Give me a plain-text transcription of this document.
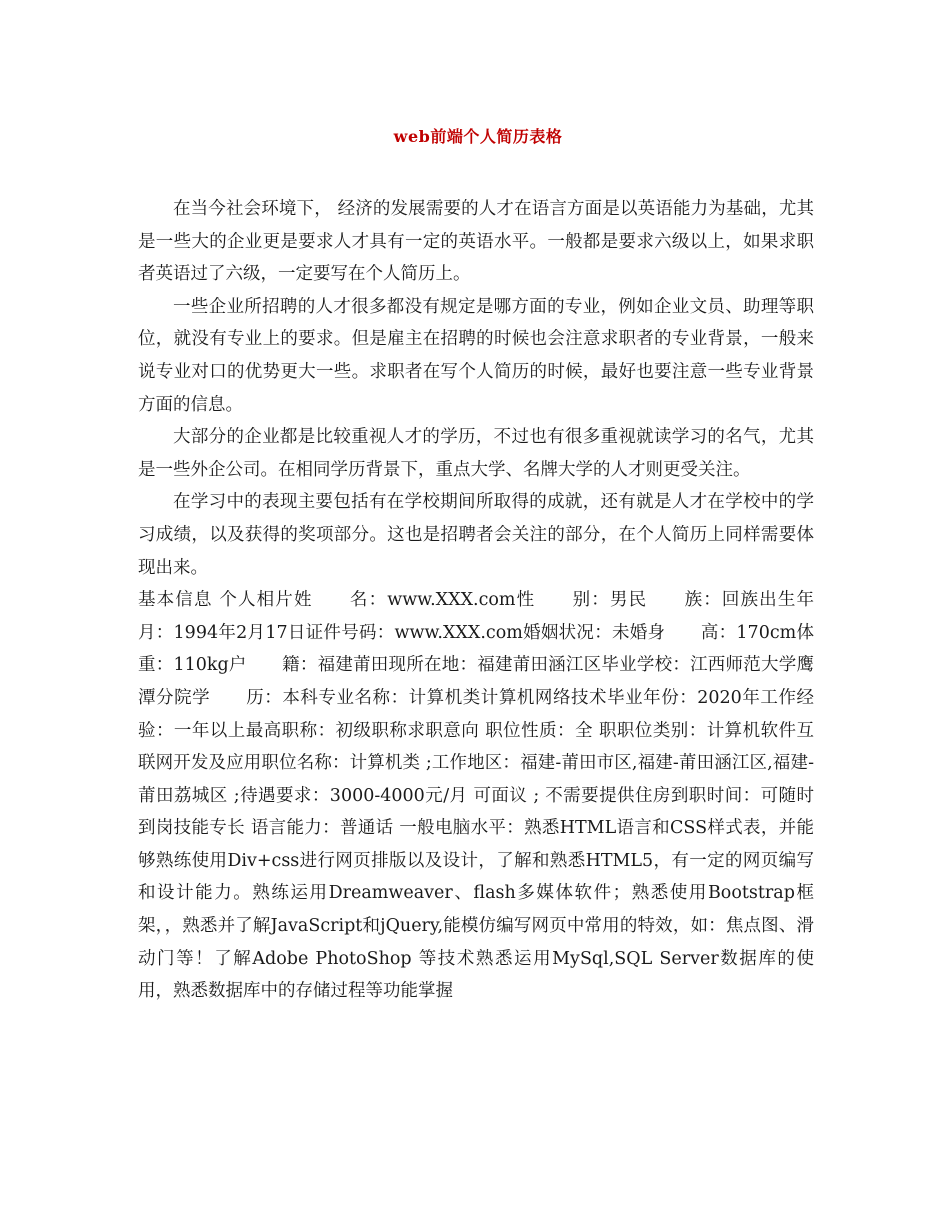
web前端个人简历表格

在当今社会环境下， 经济的发展需要的人才在语言方面是以英语能力为基础，尤其是一些大的企业更是要求人才具有一定的英语水平。一般都是要求六级以上，如果求职者英语过了六级，一定要写在个人简历上。

一些企业所招聘的人才很多都没有规定是哪方面的专业，例如企业文员、助理等职位，就没有专业上的要求。但是雇主在招聘的时候也会注意求职者的专业背景，一般来说专业对口的优势更大一些。求职者在写个人简历的时候，最好也要注意一些专业背景方面的信息。

大部分的企业都是比较重视人才的学历，不过也有很多重视就读学习的名气，尤其是一些外企公司。在相同学历背景下，重点大学、名牌大学的人才则更受关注。

在学习中的表现主要包括有在学校期间所取得的成就，还有就是人才在学校中的学习成绩，以及获得的奖项部分。这也是招聘者会关注的部分，在个人简历上同样需要体现出来。

基本信息 个人相片姓　　名：www.XXX.com性　　别：男民　　族：回族出生年月：1994年2月17日证件号码：www.XXX.com婚姻状况：未婚身　　高：170cm体重：110kg户　　籍：福建莆田现所在地：福建莆田涵江区毕业学校：江西师范大学鹰潭分院学　　历：本科专业名称：计算机类计算机网络技术毕业年份：2020年工作经验：一年以上最高职称：初级职称求职意向 职位性质：全 职职位类别：计算机软件互联网开发及应用职位名称：计算机类 ;工作地区：福建-莆田市区,福建-莆田涵江区,福建-莆田荔城区 ;待遇要求：3000-4000元/月 可面议 ; 不需要提供住房到职时间：可随时到岗技能专长 语言能力：普通话 一般电脑水平：熟悉HTML语言和CSS样式表，并能够熟练使用Div+css进行网页排版以及设计，了解和熟悉HTML5，有一定的网页编写和设计能力。熟练运用Dreamweaver、flash多媒体软件；熟悉使用Bootstrap框架，，熟悉并了解JavaScript和jQuery,能模仿编写网页中常用的特效，如：焦点图、滑动门等！了解Adobe PhotoShop 等技术熟悉运用MySql,SQL Server数据库的使用，熟悉数据库中的存储过程等功能掌握
